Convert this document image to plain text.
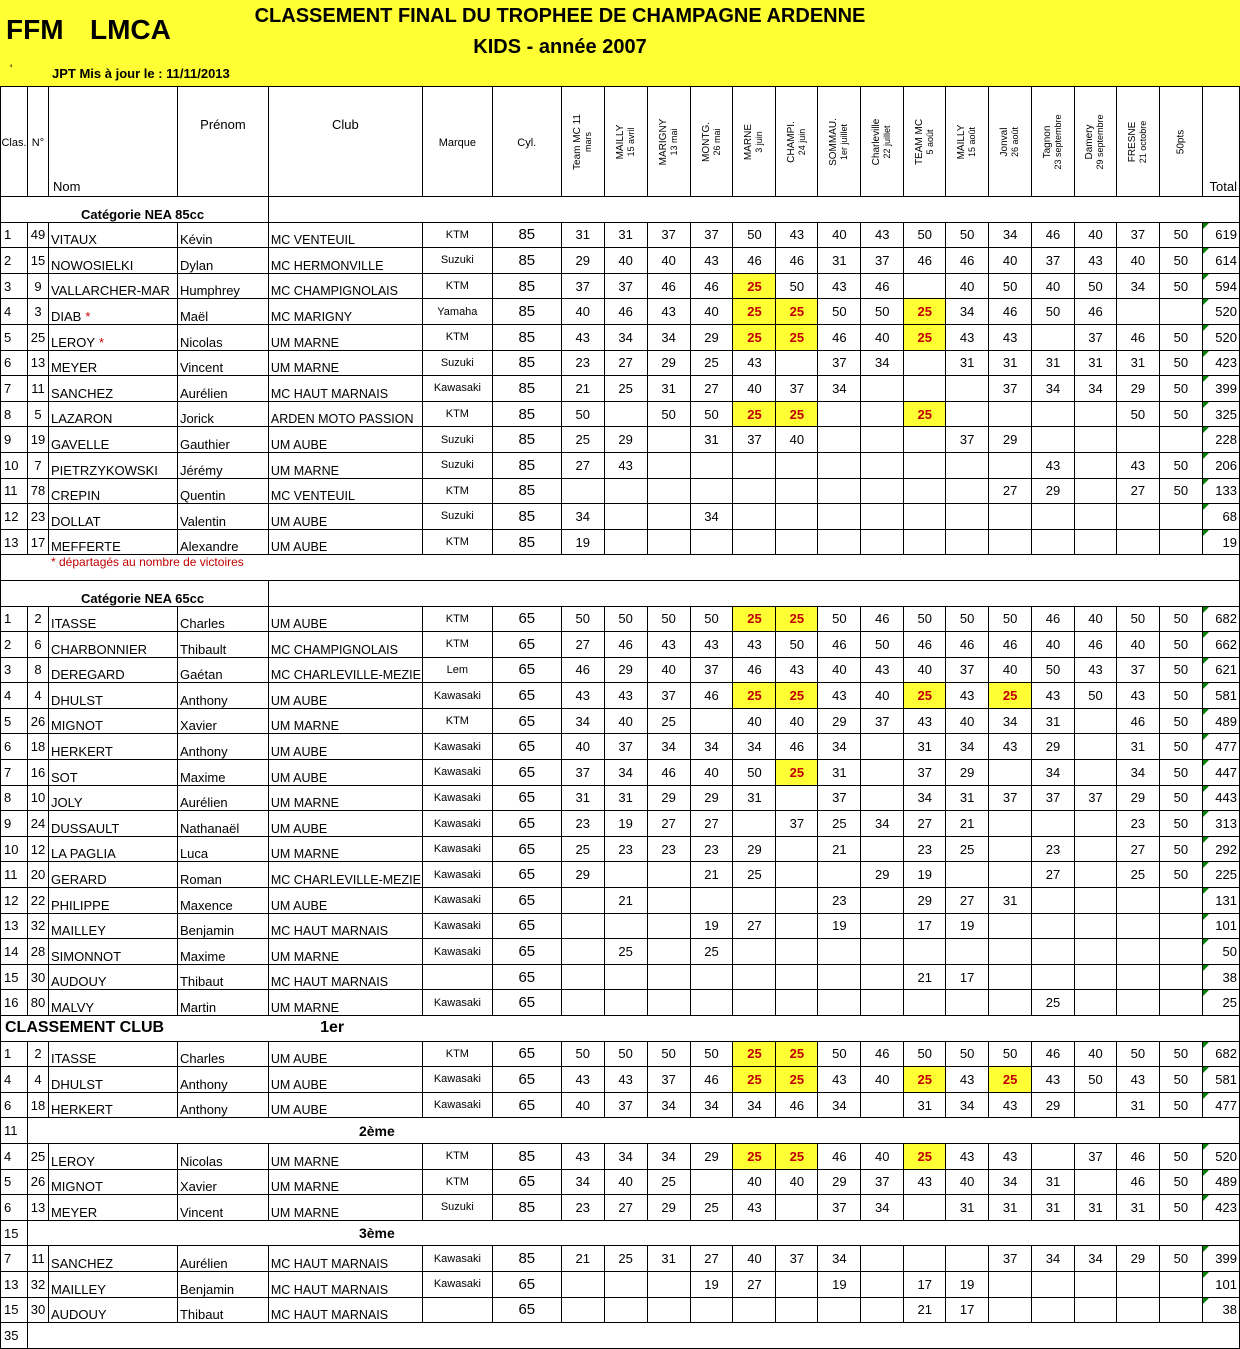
FFM LMCA	CLASSEMENT FINAL DU TROPHEE DE CHAMPAGNE ARDENNE
KIDS - année 2007
'	JPT Mis à jour le : 11/11/2013
Clas.	N°	Nom	Prénom	Club	Marque	Cyl.	Team MC 11 mars	MAILLY 15 avril	MARIGNY 13 mai	MONTG. 26 mai	MARNE 3 juin	CHAMPI. 24 juin	SOMMAU. 1er juillet	Charleville 22 juillet	TEAM MC 5 août	MAILLY 15 août	Jonval 26 août	Tagnon 23 septembre	Damery 29 septembre	FRESNE 21 octobre	50pts	Total

Catégorie NEA 85cc																						
1	49	VITAUX	Kévin	MC VENTEUIL	KTM	85	31	31	37	37	50	43	40	43	50	50	34	46	40	37	50	619
2	15	NOWOSIELKI	Dylan	MC HERMONVILLE	Suzuki	85	29	40	40	43	46	46	31	37	46	46	40	37	43	40	50	614
3	9	VALLARCHER-MAR	Humphrey	MC CHAMPIGNOLAIS	KTM	85	37	37	46	46	25	50	43	46		40	50	40	50	34	50	594
4	3	DIAB *	Maël	MC MARIGNY	Yamaha	85	40	46	43	40	25	25	50	50	25	34	46	50	46			520
5	25	LEROY *	Nicolas	UM MARNE	KTM	85	43	34	34	29	25	25	46	40	25	43	43		37	46	50	520
6	13	MEYER	Vincent	UM MARNE	Suzuki	85	23	27	29	25	43		37	34		31	31	31	31	31	50	423
7	11	SANCHEZ	Aurélien	MC HAUT MARNAIS	Kawasaki	85	21	25	31	27	40	37	34				37	34	34	29	50	399
8	5	LAZARON	Jorick	ARDEN MOTO PASSION	KTM	85	50		50	50	25	25			25					50	50	325
9	19	GAVELLE	Gauthier	UM AUBE	Suzuki	85	25	29		31	37	40				37	29					228
10	7	PIETRZYKOWSKI	Jérémy	UM MARNE	Suzuki	85	27	43										43		43	50	206
11	78	CREPIN	Quentin	MC VENTEUIL	KTM	85											27	29		27	50	133
12	23	DOLLAT	Valentin	UM AUBE	Suzuki	85	34			34												68
13	17	MEFFERTE	Alexandre	UM AUBE	KTM	85	19															19
* départagés au nombre de victoires																						
Catégorie NEA 65cc																						
1	2	ITASSE	Charles	UM AUBE	KTM	65	50	50	50	50	25	25	50	46	50	50	50	46	40	50	50	682
2	6	CHARBONNIER	Thibault	MC CHAMPIGNOLAIS	KTM	65	27	46	43	43	43	50	46	50	46	46	46	40	46	40	50	662
3	8	DEREGARD	Gaétan	MC CHARLEVILLE-MEZIE	Lem	65	46	29	40	37	46	43	40	43	40	37	40	50	43	37	50	621
4	4	DHULST	Anthony	UM AUBE	Kawasaki	65	43	43	37	46	25	25	43	40	25	43	25	43	50	43	50	581
5	26	MIGNOT	Xavier	UM MARNE	KTM	65	34	40	25		40	40	29	37	43	40	34	31		46	50	489
6	18	HERKERT	Anthony	UM AUBE	Kawasaki	65	40	37	34	34	34	46	34		31	34	43	29		31	50	477
7	16	SOT	Maxime	UM AUBE	Kawasaki	65	37	34	46	40	50	25	31		37	29		34		34	50	447
8	10	JOLY	Aurélien	UM MARNE	Kawasaki	65	31	31	29	29	31		37		34	31	37	37	37	29	50	443
9	24	DUSSAULT	Nathanaël	UM AUBE	Kawasaki	65	23	19	27	27		37	25	34	27	21				23	50	313
10	12	LA PAGLIA	Luca	UM MARNE	Kawasaki	65	25	23	23	23	29		21		23	25		23		27	50	292
11	20	GERARD	Roman	MC CHARLEVILLE-MEZIE	Kawasaki	65	29			21	25			29	19			27		25	50	225
12	22	PHILIPPE	Maxence	UM AUBE	Kawasaki	65		21					23		29	27	31					131
13	32	MAILLEY	Benjamin	MC HAUT MARNAIS	Kawasaki	65				19	27		19		17	19						101
14	28	SIMONNOT	Maxime	UM MARNE	Kawasaki	65		25		25												50
15	30	AUDOUY	Thibaut	MC HAUT MARNAIS		65									21	17						38
16	80	MALVY	Martin	UM MARNE	Kawasaki	65												25				25
CLASSEMENT CLUB 1er																						
1	2	ITASSE	Charles	UM AUBE	KTM	65	50	50	50	50	25	25	50	46	50	50	50	46	40	50	50	682
4	4	DHULST	Anthony	UM AUBE	Kawasaki	65	43	43	37	46	25	25	43	40	25	43	25	43	50	43	50	581
6	18	HERKERT	Anthony	UM AUBE	Kawasaki	65	40	37	34	34	34	46	34		31	34	43	29		31	50	477
11	2ème																					
4	25	LEROY	Nicolas	UM MARNE	KTM	85	43	34	34	29	25	25	46	40	25	43	43		37	46	50	520
5	26	MIGNOT	Xavier	UM MARNE	KTM	65	34	40	25		40	40	29	37	43	40	34	31		46	50	489
6	13	MEYER	Vincent	UM MARNE	Suzuki	85	23	27	29	25	43		37	34		31	31	31	31	31	50	423
15	3ème																					
7	11	SANCHEZ	Aurélien	MC HAUT MARNAIS	Kawasaki	85	21	25	31	27	40	37	34				37	34	34	29	50	399
13	32	MAILLEY	Benjamin	MC HAUT MARNAIS	Kawasaki	65				19	27		19		17	19						101
15	30	AUDOUY	Thibaut	MC HAUT MARNAIS		65									21	17						38
35																						
